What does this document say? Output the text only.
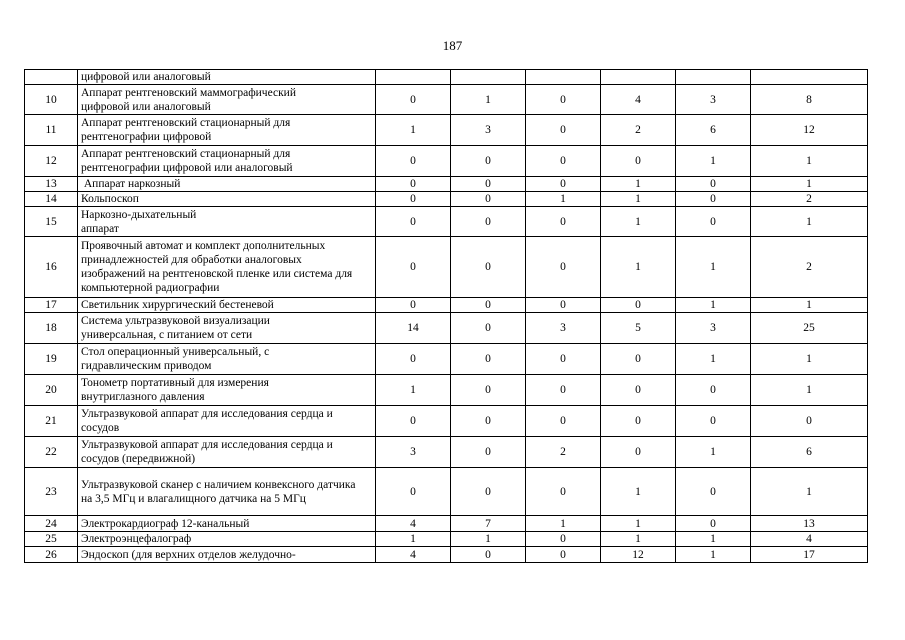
187

	цифровой или аналоговый						

10	Аппарат рентгеновский маммографический цифровой или аналоговый	0	1	0	4	3	8
11	Аппарат рентгеновский стационарный для рентгенографии цифровой	1	3	0	2	6	12
12	Аппарат рентгеновский стационарный для рентгенографии цифровой или аналоговый	0	0	0	0	1	1
13	Аппарат наркозный	0	0	0	1	0	1
14	Кольпоскоп	0	0	1	1	0	2
15	Наркозно-дыхательный аппарат	0	0	0	1	0	1
16	Проявочный автомат и комплект дополнительных принадлежностей для обработки аналоговых изображений на рентгеновской пленке или система для компьютерной радиографии	0	0	0	1	1	2
17	Светильник хирургический бестеневой	0	0	0	0	1	1
18	Система ультразвуковой визуализации универсальная, с питанием от сети	14	0	3	5	3	25
19	Стол операционный универсальный, с гидравлическим приводом	0	0	0	0	1	1
20	Тонометр портативный для измерения внутриглазного давления	1	0	0	0	0	1
21	Ультразвуковой аппарат для исследования сердца и сосудов	0	0	0	0	0	0
22	Ультразвуковой аппарат для исследования сердца и сосудов (передвижной)	3	0	2	0	1	6
23	Ультразвуковой сканер с наличием конвексного датчика на 3,5 МГц и влагалищного датчика на 5 МГц	0	0	0	1	0	1
24	Электрокардиограф 12-канальный	4	7	1	1	0	13
25	Электроэнцефалограф	1	1	0	1	1	4
26	Эндоскоп (для верхних отделов желудочно-	4	0	0	12	1	17
